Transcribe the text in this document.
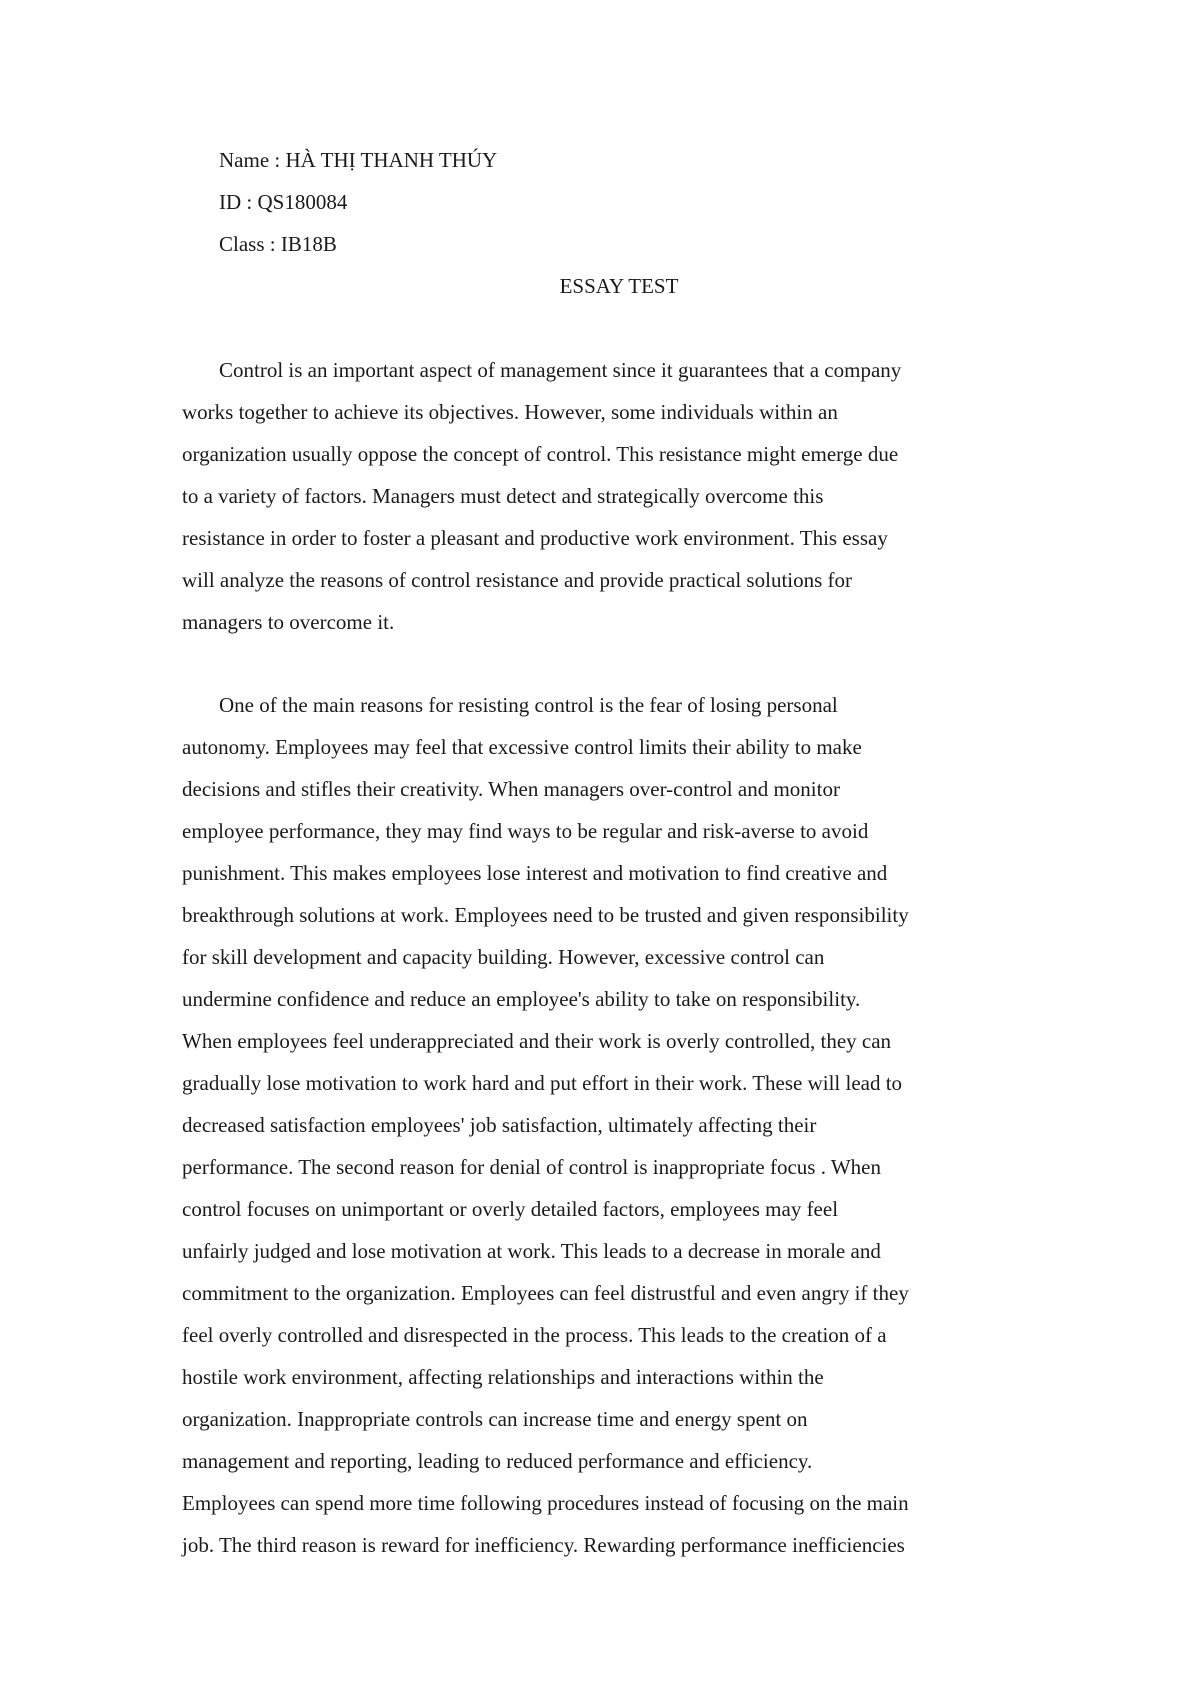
Name : HÀ THỊ THANH THÚY
ID : QS180084
Class : IB18B
ESSAY TEST
Control is an important aspect of management since it guarantees that a company
works together to achieve its objectives. However, some individuals within an
organization usually oppose the concept of control. This resistance might emerge due
to a variety of factors. Managers must detect and strategically overcome this
resistance in order to foster a pleasant and productive work environment. This essay
will analyze the reasons of control resistance and provide practical solutions for
managers to overcome it.
One of the main reasons for resisting control is the fear of losing personal
autonomy. Employees may feel that excessive control limits their ability to make
decisions and stifles their creativity. When managers over-control and monitor
employee performance, they may find ways to be regular and risk-averse to avoid
punishment. This makes employees lose interest and motivation to find creative and
breakthrough solutions at work. Employees need to be trusted and given responsibility
for skill development and capacity building. However, excessive control can
undermine confidence and reduce an employee's ability to take on responsibility.
When employees feel underappreciated and their work is overly controlled, they can
gradually lose motivation to work hard and put effort in their work. These will lead to
decreased satisfaction employees' job satisfaction, ultimately affecting their
performance. The second reason for denial of control is inappropriate focus . When
control focuses on unimportant or overly detailed factors, employees may feel
unfairly judged and lose motivation at work. This leads to a decrease in morale and
commitment to the organization. Employees can feel distrustful and even angry if they
feel overly controlled and disrespected in the process. This leads to the creation of a
hostile work environment, affecting relationships and interactions within the
organization. Inappropriate controls can increase time and energy spent on
management and reporting, leading to reduced performance and efficiency.
Employees can spend more time following procedures instead of focusing on the main
job. The third reason is reward for inefficiency. Rewarding performance inefficiencies
